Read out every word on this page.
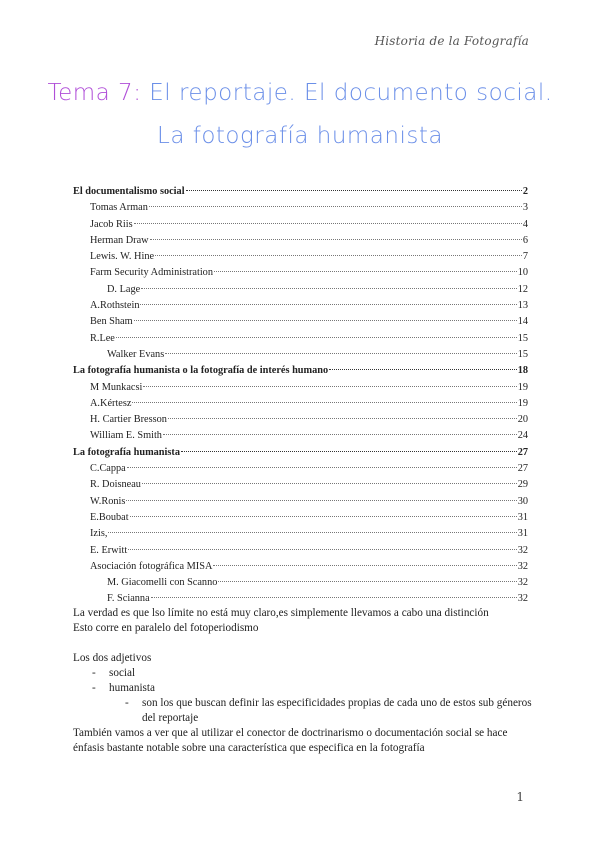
Historia de la Fotografía
Tema 7: El reportaje. El documento social.
La fotografía humanista
El documentalismo social	2
Tomas Arman	3
Jacob Riis	4
Herman Draw	6
Lewis. W. Hine	7
Farm Security Administration	10
D. Lage	12
A.Rothstein	13
Ben Sham	14
R.Lee	15
Walker Evans	15
La fotografía humanista o la fotografía de interés humano	18
M Munkacsi	19
A.Kértesz	19
H. Cartier Bresson	20
William E. Smith	24
La fotografía humanista	27
C.Cappa	27
R. Doisneau	29
W.Ronis	30
E.Boubat	31
Izis,	31
E. Erwitt	32
Asociación fotográfica MISA	32
M. Giacomelli con Scanno	32
F. Scianna	32

La verdad es que lso límite no está muy claro,es simplemente llevamos a cabo una distinción

Esto corre en paralelo del fotoperiodismo

Los dos adjetivos

-	social
-	humanista
-	son los que buscan definir las especificidades propias de cada uno de estos sub géneros del reportaje

También vamos a ver que al utilizar el conector de doctrinarismo o documentación social se hace énfasis bastante notable sobre una característica que especifica en la fotografía

1
